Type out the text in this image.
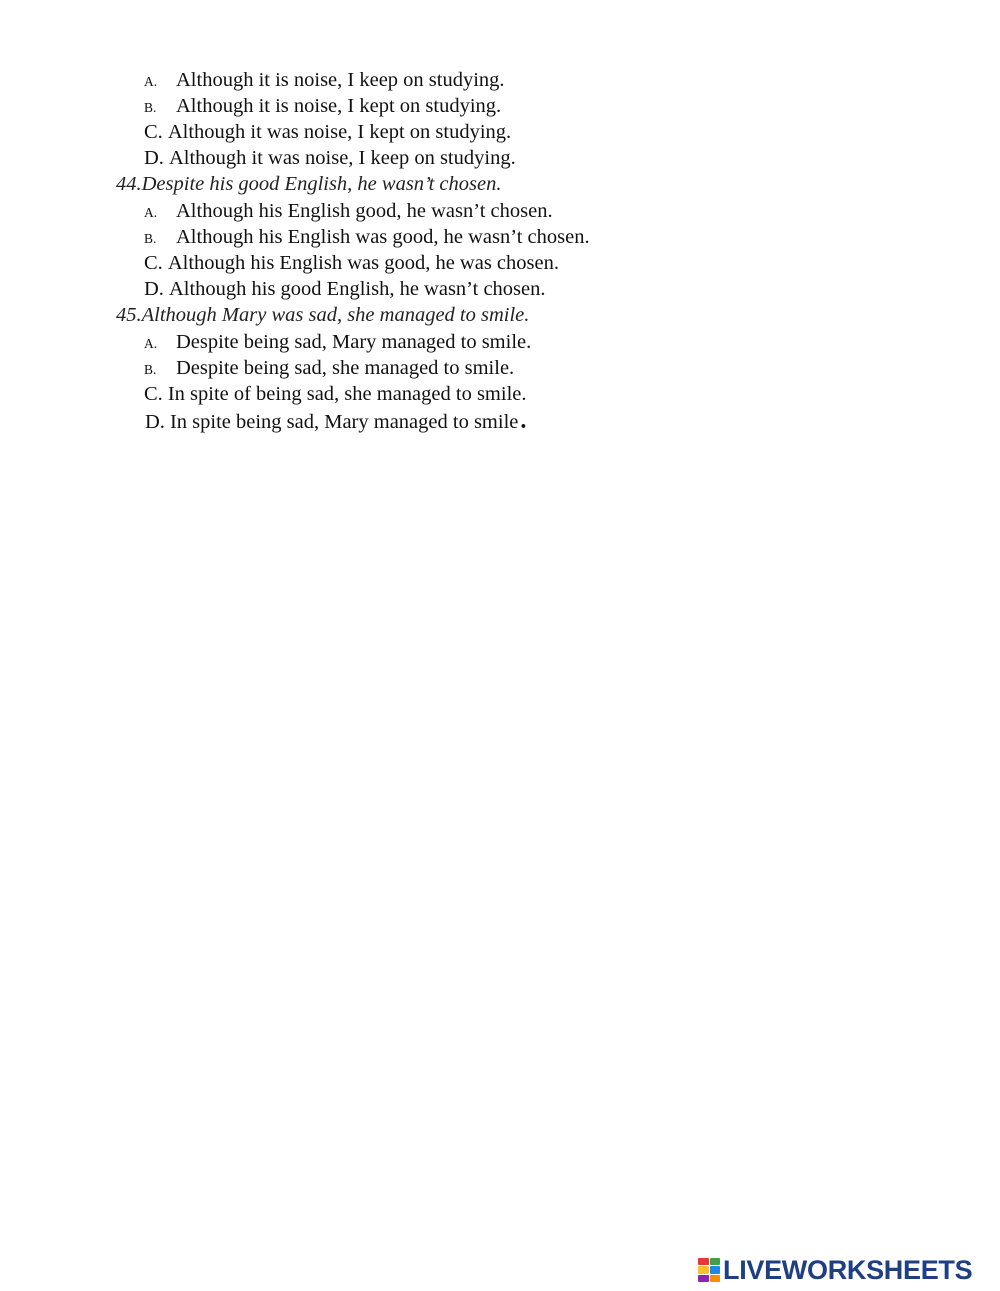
A. Although it is noise, I keep on studying.
B. Although it is noise, I kept on studying.
C. Although it was noise, I kept on studying.
D. Although it was noise, I keep on studying.
44.Despite his good English, he wasn’t chosen.
A. Although his English good, he wasn’t chosen.
B. Although his English was good, he wasn’t chosen.
C. Although his English was good, he was chosen.
D. Although his good English, he wasn’t chosen.
45.Although Mary was sad, she managed to smile.
A. Despite being sad, Mary managed to smile.
B. Despite being sad, she managed to smile.
C. In spite of being sad, she managed to smile.
D. In spite being sad, Mary managed to smile.
LIVEWORKSHEETS
